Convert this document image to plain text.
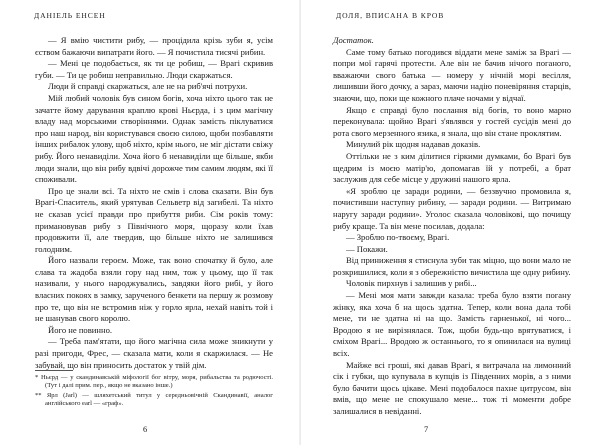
ДАНІЕЛЬ ЕНСЕН

— Я вмію чистити рибу, — процідила крізь зуби я, усім єством бажаючи випатрати його. — Я почистила тисячі рибин.

— Мені це подобається, як ти це робиш, — Врагі скривив губи. — Ти це робиш неправильно. Люди скаржаться.

Люди й справді скаржаться, але не на риб'ячі потрухи.

Мій любий чоловік був сином богів, хоча ніхто цього так не зачатте йому дарування краплю крові Ньєрда, і з цим магічну владу над морськими створіннями. Однак замість піклуватися про наш народ, він користувався своєю силою, щоби позбавляти інших рибалок улову, щоб ніхто, крім нього, не міг дістати свіжу рибу. Його ненавиділи. Хоча його б ненавиділи ще більше, якби люди знали, що він рибу вдвічі дорожче тим самим людям, які її споживали.

Про це знали всі. Та ніхто не смів і слова сказати. Він був Врагі-Спаситель, який урятував Сельветр від загибелі. Та ніхто не сказав усієї правди про прибуття риби. Сім років тому: примановував рибу з Північного моря, щоразу коли їхав продовжити її, але твердив, що більше ніхто не залишився голодним.

Його назвали героєм. Може, так воно спочатку й було, але слава та жадоба взяли гору над ним, тож у цьому, що її так називали, у нього народжувались, завдяки його рибі, у його власних покоях в замку, зарученого бенкети на першу ж розмову про те, що він не встромив ніж у горло ярла, нехай навіть той і не шанував свого королю.

Його не повинно.

— Треба пам'ятати, що його магічна сила може зникнути у разі пригоди, Фрес, — сказала мати, коли я скаржилася. — Не забувай, що він приносить достаток у твій дім.

* Ньєрд — у скандинавській міфології бог вітру, моря, рибальства та родючості. (Тут і далі прим. пер., якщо не вказано інше.)

** Ярл (Jarl) — шляхетський титул у середньовічній Скандинавії, аналог англійського earl — «граф».

6
ДОЛЯ, ВПИСАНА В КРОВ

Достаток.

Саме тому батько погодився віддати мене заміж за Врагі — попри мої гарячі протести. Але він не бачив нічого поганого, вважаючи свого батька — номеру у нічній морі весілля, лишивши його дочку, а зараз, маючи надію поневіряння старців, знаючи, що, поки ще кожного плаче ночами у відчаї.

Якщо є справді було послання від богів, то воно марно переконувала: щойно Врагі з'являвся у гостей сусідів мені до рота свого мерзенного язика, я знала, що він стане проклятим.

Минулий рік щодня надавав доказів.

Оттільки не з ким ділитися гіркими думками, бо Врагі був щедрим із моєю матір'ю, допомагав їй у потребі, а брат заслужив для себе місце у дружині нашого ярла.

«Я зроблю це заради родини, — беззвучно промовила я, почистивши наступну рибину, — заради родини. — Витримаю наругу заради родини». Уголос сказала чоловікові, що почищу рибу краще. Та він мене посилав, додала:

— Зроблю по-твоєму, Врагі.

— Покажи.

Від приниження я стиснула зуби так міцно, що вони мало не розкришилися, коли я з обережністю вичистила ще одну рибину.

Чоловік пирхнув і залишив у рибі...

— Мені моя мати завжди казала: треба було взяти погану жінку, яка хоча б на щось здатна. Тепер, коли вона дала тобі мене, ти не здатна ні на що. Замість гарненької, ні чого... Вродою я не вирізнялася. Тож, щоби будь-що врятуватися, і сміхом Врагі... Вродою ж останнього, то я опинилася на вулиці всіх.

Майже всі гроші, які давав Врагі, я витрачала на лимонний сік і губки, що купувала в купців із Південних морів, а з ними було бачити щось цікаве. Мені подобалося пахне цитрусом, він вмів, що мене не спокушало мене... тож ті моменти добре залишалися в невіданні.

7
